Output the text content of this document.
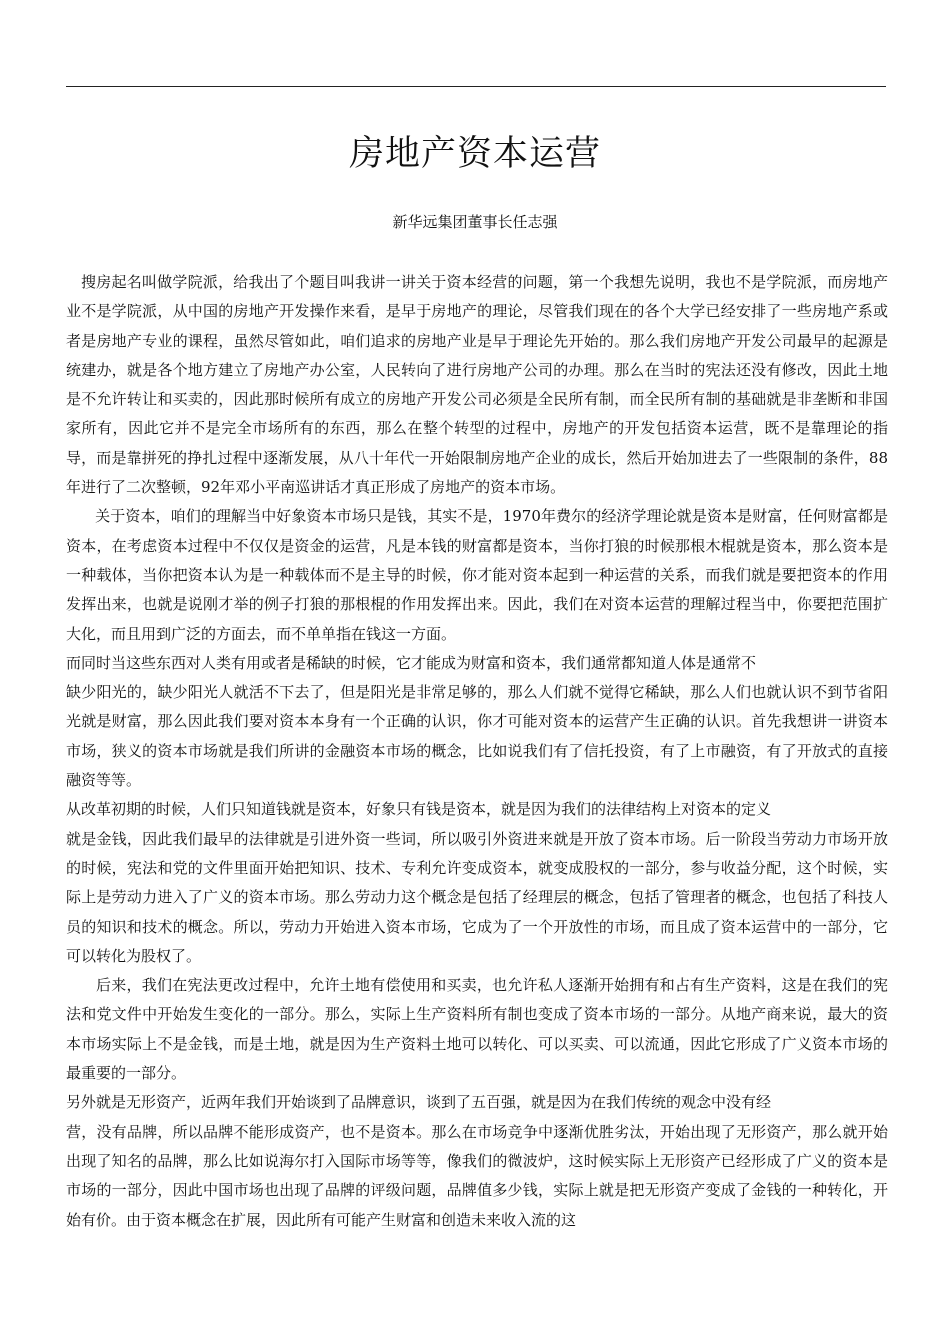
房地产资本运营

新华远集团董事长任志强

搜房起名叫做学院派，给我出了个题目叫我讲一讲关于资本经营的问题，第一个我想先说明，我也不是学院派，而房地产业不是学院派，从中国的房地产开发操作来看，是早于房地产的理论，尽管我们现在的各个大学已经安排了一些房地产系或者是房地产专业的课程，虽然尽管如此，咱们追求的房地产业是早于理论先开始的。那么我们房地产开发公司最早的起源是统建办，就是各个地方建立了房地产办公室，人民转向了进行房地产公司的办理。那么在当时的宪法还没有修改，因此土地是不允许转让和买卖的，因此那时候所有成立的房地产开发公司必须是全民所有制，而全民所有制的基础就是非垄断和非国家所有，因此它并不是完全市场所有的东西，那么在整个转型的过程中，房地产的开发包括资本运营，既不是靠理论的指导，而是靠拼死的挣扎过程中逐渐发展，从八十年代一开始限制房地产企业的成长，然后开始加进去了一些限制的条件，88年进行了二次整顿，92年邓小平南巡讲话才真正形成了房地产的资本市场。

关于资本，咱们的理解当中好象资本市场只是钱，其实不是，1970年费尔的经济学理论就是资本是财富，任何财富都是资本，在考虑资本过程中不仅仅是资金的运营，凡是本钱的财富都是资本，当你打狼的时候那根木棍就是资本，那么资本是一种载体，当你把资本认为是一种载体而不是主导的时候，你才能对资本起到一种运营的关系，而我们就是要把资本的作用发挥出来，也就是说刚才举的例子打狼的那根棍的作用发挥出来。因此，我们在对资本运营的理解过程当中，你要把范围扩大化，而且用到广泛的方面去，而不单单指在钱这一方面。

而同时当这些东西对人类有用或者是稀缺的时候，它才能成为财富和资本，我们通常都知道人体是通常不

缺少阳光的，缺少阳光人就活不下去了，但是阳光是非常足够的，那么人们就不觉得它稀缺，那么人们也就认识不到节省阳光就是财富，那么因此我们要对资本本身有一个正确的认识，你才可能对资本的运营产生正确的认识。首先我想讲一讲资本市场，狭义的资本市场就是我们所讲的金融资本市场的概念，比如说我们有了信托投资，有了上市融资，有了开放式的直接融资等等。

从改革初期的时候，人们只知道钱就是资本，好象只有钱是资本，就是因为我们的法律结构上对资本的定义

就是金钱，因此我们最早的法律就是引进外资一些词，所以吸引外资进来就是开放了资本市场。后一阶段当劳动力市场开放的时候，宪法和党的文件里面开始把知识、技术、专利允许变成资本，就变成股权的一部分，参与收益分配，这个时候，实际上是劳动力进入了广义的资本市场。那么劳动力这个概念是包括了经理层的概念，包括了管理者的概念，也包括了科技人员的知识和技术的概念。所以，劳动力开始进入资本市场，它成为了一个开放性的市场，而且成了资本运营中的一部分，它可以转化为股权了。

后来，我们在宪法更改过程中，允许土地有偿使用和买卖，也允许私人逐渐开始拥有和占有生产资料，这是在我们的宪法和党文件中开始发生变化的一部分。那么，实际上生产资料所有制也变成了资本市场的一部分。从地产商来说，最大的资本市场实际上不是金钱，而是土地，就是因为生产资料土地可以转化、可以买卖、可以流通，因此它形成了广义资本市场的最重要的一部分。

另外就是无形资产，近两年我们开始谈到了品牌意识，谈到了五百强，就是因为在我们传统的观念中没有经

营，没有品牌，所以品牌不能形成资产，也不是资本。那么在市场竞争中逐渐优胜劣汰，开始出现了无形资产，那么就开始出现了知名的品牌，那么比如说海尔打入国际市场等等，像我们的微波炉，这时候实际上无形资产已经形成了广义的资本是市场的一部分，因此中国市场也出现了品牌的评级问题，品牌值多少钱，实际上就是把无形资产变成了金钱的一种转化，开始有价。由于资本概念在扩展，因此所有可能产生财富和创造未来收入流的这
